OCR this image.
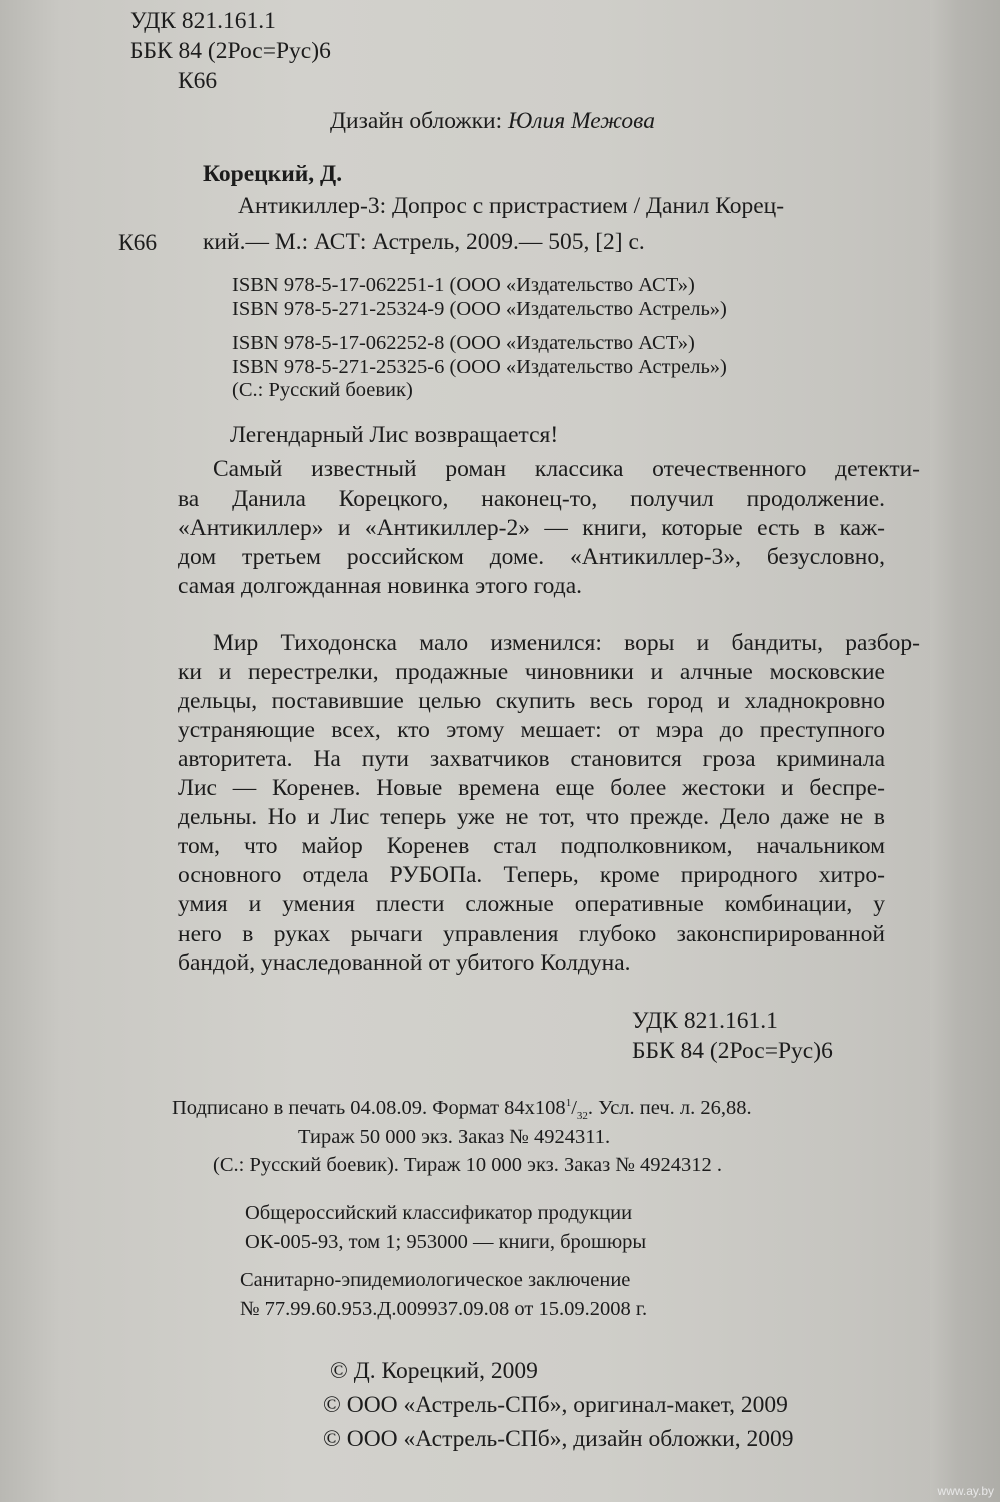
УДК 821.161.1
ББК 84 (2Рос=Рус)6
К66
Дизайн обложки: Юлия Межова
Корецкий, Д.
Антикиллер-3: Допрос с пристрастием / Данил Корец-
К66 кий.— М.: АСТ: Астрель, 2009.— 505, [2] с.
ISBN 978-5-17-062251-1 (ООО «Издательство АСТ»)
ISBN 978-5-271-25324-9 (ООО «Издательство Астрель»)
ISBN 978-5-17-062252-8 (ООО «Издательство АСТ»)
ISBN 978-5-271-25325-6 (ООО «Издательство Астрель»)
(С.: Русский боевик)
Легендарный Лис возвращается!
Самый известный роман классика отечественного детекти-
ва Данила Корецкого, наконец-то, получил продолжение.
«Антикиллер» и «Антикиллер-2» — книги, которые есть в каж-
дом третьем российском доме. «Антикиллер-3», безусловно,
самая долгожданная новинка этого года.
Мир Тиходонска мало изменился: воры и бандиты, разбор-
ки и перестрелки, продажные чиновники и алчные московские
дельцы, поставившие целью скупить весь город и хладнокровно
устраняющие всех, кто этому мешает: от мэра до преступного
авторитета. На пути захватчиков становится гроза криминала
Лис — Коренев. Новые времена еще более жестоки и беспре-
дельны. Но и Лис теперь уже не тот, что прежде. Дело даже не в
том, что майор Коренев стал подполковником, начальником
основного отдела РУБОПа. Теперь, кроме природного хитро-
умия и умения плести сложные оперативные комбинации, у
него в руках рычаги управления глубоко законспирированной
бандой, унаследованной от убитого Колдуна.
УДК 821.161.1
ББК 84 (2Рос=Рус)6
Подписано в печать 04.08.09. Формат $84x108^1/_{32}$. Усл. печ. л. 26,88.
Тираж 50 000 экз. Заказ № 4924311.
(С.: Русский боевик). Тираж 10 000 экз. Заказ № 4924312 .
Общероссийский классификатор продукции
ОК-005-93, том 1; 953000 — книги, брошюры
Санитарно-эпидемиологическое заключение
№ 77.99.60.953.Д.009937.09.08 от 15.09.2008 г.
© Д. Корецкий, 2009
© ООО «Астрель-СПб», оригинал-макет, 2009
© ООО «Астрель-СПб», дизайн обложки, 2009
www.ay.by
